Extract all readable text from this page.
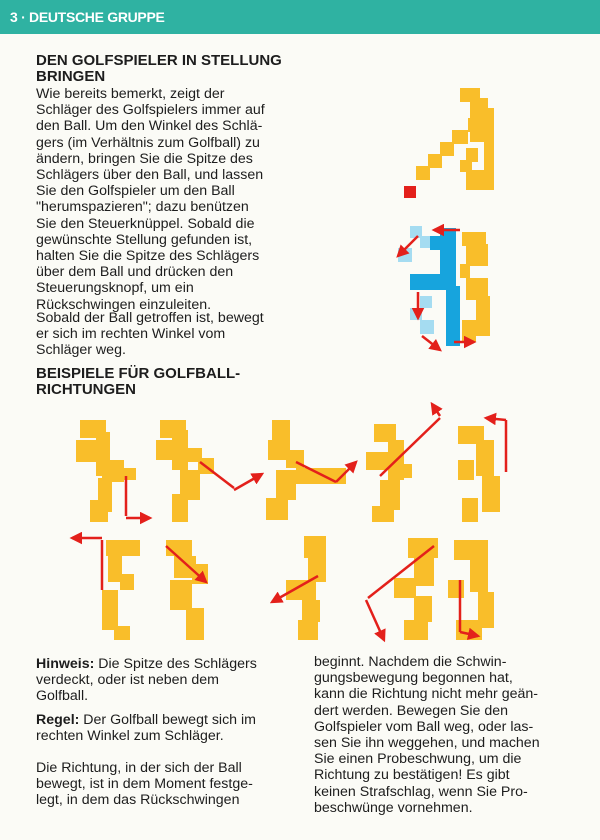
3 · DEUTSCHE GRUPPE
DEN GOLFSPIELER IN STELLUNG
BRINGEN

Wie bereits bemerkt, zeigt der
Schläger des Golfspielers immer auf
den Ball. Um den Winkel des Schlä-
gers (im Verhältnis zum Golfball) zu
ändern, bringen Sie die Spitze des
Schlägers über den Ball, und lassen
Sie den Golfspieler um den Ball
"herumspazieren"; dazu benützen
Sie den Steuerknüppel. Sobald die
gewünschte Stellung gefunden ist,
halten Sie die Spitze des Schlägers
über dem Ball und drücken den
Steuerungsknopf, um ein
Rückschwingen einzuleiten.

Sobald der Ball getroffen ist, bewegt
er sich im rechten Winkel vom
Schläger weg.

BEISPIELE FÜR GOLFBALL-
RICHTUNGEN

Hinweis: Die Spitze des Schlägers
verdeckt, oder ist neben dem
Golfball.

Regel: Der Golfball bewegt sich im
rechten Winkel zum Schläger.

Die Richtung, in der sich der Ball
bewegt, ist in dem Moment festge-
legt, in dem das Rückschwingen

beginnt. Nachdem die Schwin-
gungsbewegung begonnen hat,
kann die Richtung nicht mehr geän-
dert werden. Bewegen Sie den
Golfspieler vom Ball weg, oder las-
sen Sie ihn weggehen, und machen
Sie einen Probeschwung, um die
Richtung zu bestätigen! Es gibt
keinen Strafschlag, wenn Sie Pro-
beschwünge vornehmen.
